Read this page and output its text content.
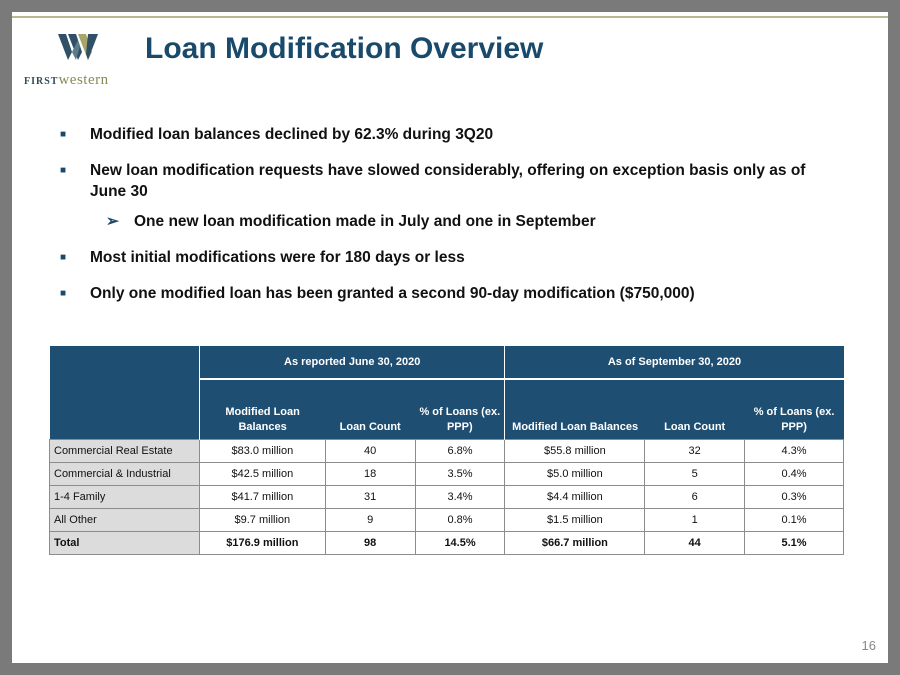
FIRSTwestern
Loan Modification Overview
■ Modified loan balances declined by 62.3% during 3Q20
■ New loan modification requests have slowed considerably, offering on exception basis only as of June 30
➢ One new loan modification made in July and one in September
■ Most initial modifications were for 180 days or less
■ Only one modified loan has been granted a second 90-day modification ($750,000)
	As reported June 30, 2020			As of September 30, 2020		
	Modified Loan Balances	Loan Count	% of Loans (ex. PPP)	Modified Loan Balances	Loan Count	% of Loans (ex. PPP)
Commercial Real Estate	$83.0 million	40	6.8%	$55.8 million	32	4.3%
Commercial & Industrial	$42.5 million	18	3.5%	$5.0 million	5	0.4%
1-4 Family	$41.7 million	31	3.4%	$4.4 million	6	0.3%
All Other	$9.7 million	9	0.8%	$1.5 million	1	0.1%
Total	$176.9 million	98	14.5%	$66.7 million	44	5.1%
16
